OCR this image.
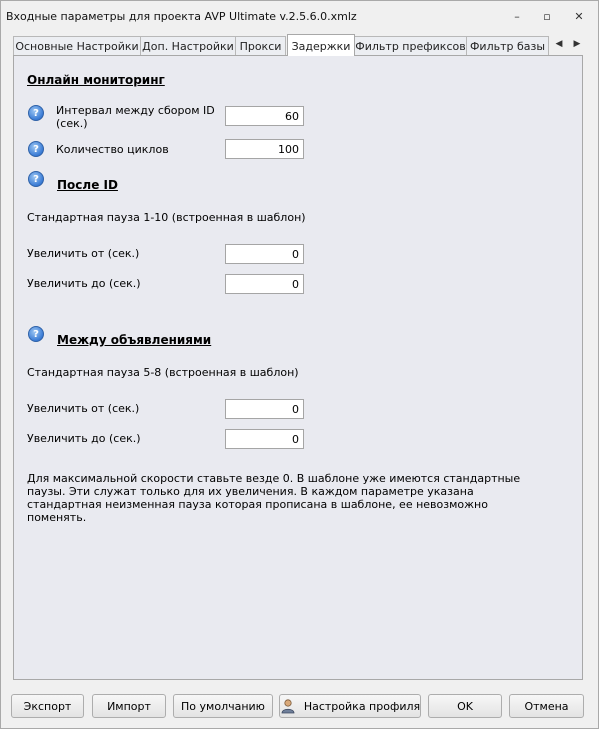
Входные параметры для проекта AVP Ultimate v.2.5.6.0.xmlz	–	▫	✕
Основные Настройки Доп. Настройки Прокси Задержки Фильтр префиксов Фильтр базы	◀	▶
Онлайн мониторинг
?	Интервал между сбором ID (сек.)
60
?	Количество циклов
100
?	После ID
Стандартная пауза 1-10 (встроенная в шаблон)
Увеличить от (сек.)
0
Увеличить до (сек.)
0
?	Между объявлениями
Стандартная пауза 5-8 (встроенная в шаблон)
Увеличить от (сек.)
0
Увеличить до (сек.)
0
Для максимальной скорости ставьте везде 0. В шаблоне уже имеются стандартные паузы. Эти служат только для их увеличения. В каждом параметре указана стандартная неизменная пауза которая прописана в шаблоне, ее невозможно поменять.
Экспорт	Импорт	По умолчанию	Настройка профиля	OK	Отмена
